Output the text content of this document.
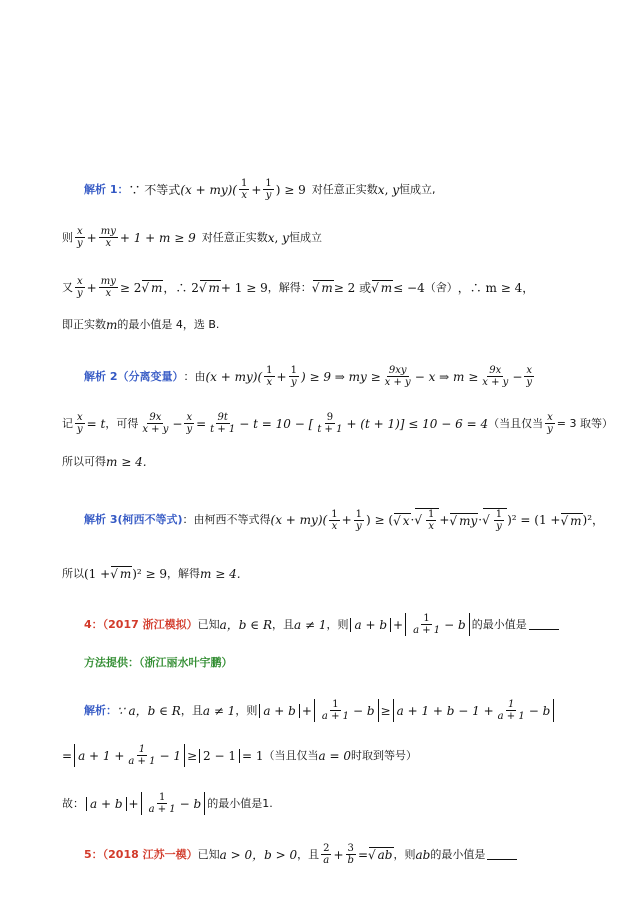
解析 1 ： ∵ 不等式 $(x + my)( \frac{1}{x} + \frac{1}{y}$ ) ≥ 9 对任意正实数 x , y 恒成立,
则 $\frac{x}{y} + \frac{my}{x} + 1 + m \ge 9$ 对任意正实数 x , y 恒成立
又 $\frac{x}{y} + \frac{my}{x} \ge 2$ √ m ，∴ 2 √ m + 1 ≥ 9 ，解得： √ m ≥ 2 或 √ m ≤ −4 （舍） ，∴ m ≥ 4，
即正实数 m 的最小值是 4，选 B.
解析 2（分离变量） ：由 $(x + my)( \frac{1}{x} + \frac{1}{y}$ ) ≥ 9 ⇒ my ≥ $\frac{9xy}{x + y} - x$ ⇒ $m \ge \frac{9x}{x + y} - \frac{x}{y}$
记 $\frac{x}{y} = t$ ，可得 $\frac{9x}{x + y} - \frac{x}{y} = \frac{9t}{t + 1} - t = 10$ − [ $\frac{9}{t + 1} + (t + 1)] \le 10 - 6 = 4$ （当且仅当 $\frac{x}{y} = 3$ 取等）
所以可得 m ≥ 4.
解析 3(柯西不等式) ：由柯西不等式得 $(x + my)( \frac{1}{x} + \frac{1}{y}$ ) ≥ ( √ x · √ $\frac{1}{x}$ + √ my · √ $\frac{1}{y} )^2 = (1$ + √ m )²，
所以 (1 + √ m )² ≥ 9 ，解得 m ≥ 4.
4：（2017 浙江模拟） 已知 a，b ∈ R ，且 a ≠ 1 ，则 $a + b + \frac{1}{a + 1} - b$ 的最小值是
方法提供：（浙江丽水叶宇鹏）
解析： ∵ a，b ∈ R ，且 a ≠ 1 ，则 $a + b + \frac{1}{a + 1} - b \ge a + 1 + b - 1 + \frac{1}{a + 1} - b$
= $a + 1 + \frac{1}{a + 1} - 1 \ge 2 - 1 = 1$ （当且仅当 a = 0 时取到等号）
故： $a + b + \frac{1}{a + 1} - b$ 的最小值是1.
5：（2018 江苏一模） 已知 a > 0，b > 0 ，且 $\frac{2}{a} + \frac{3}{b}$ = √ ab ，则 ab 的最小值是
